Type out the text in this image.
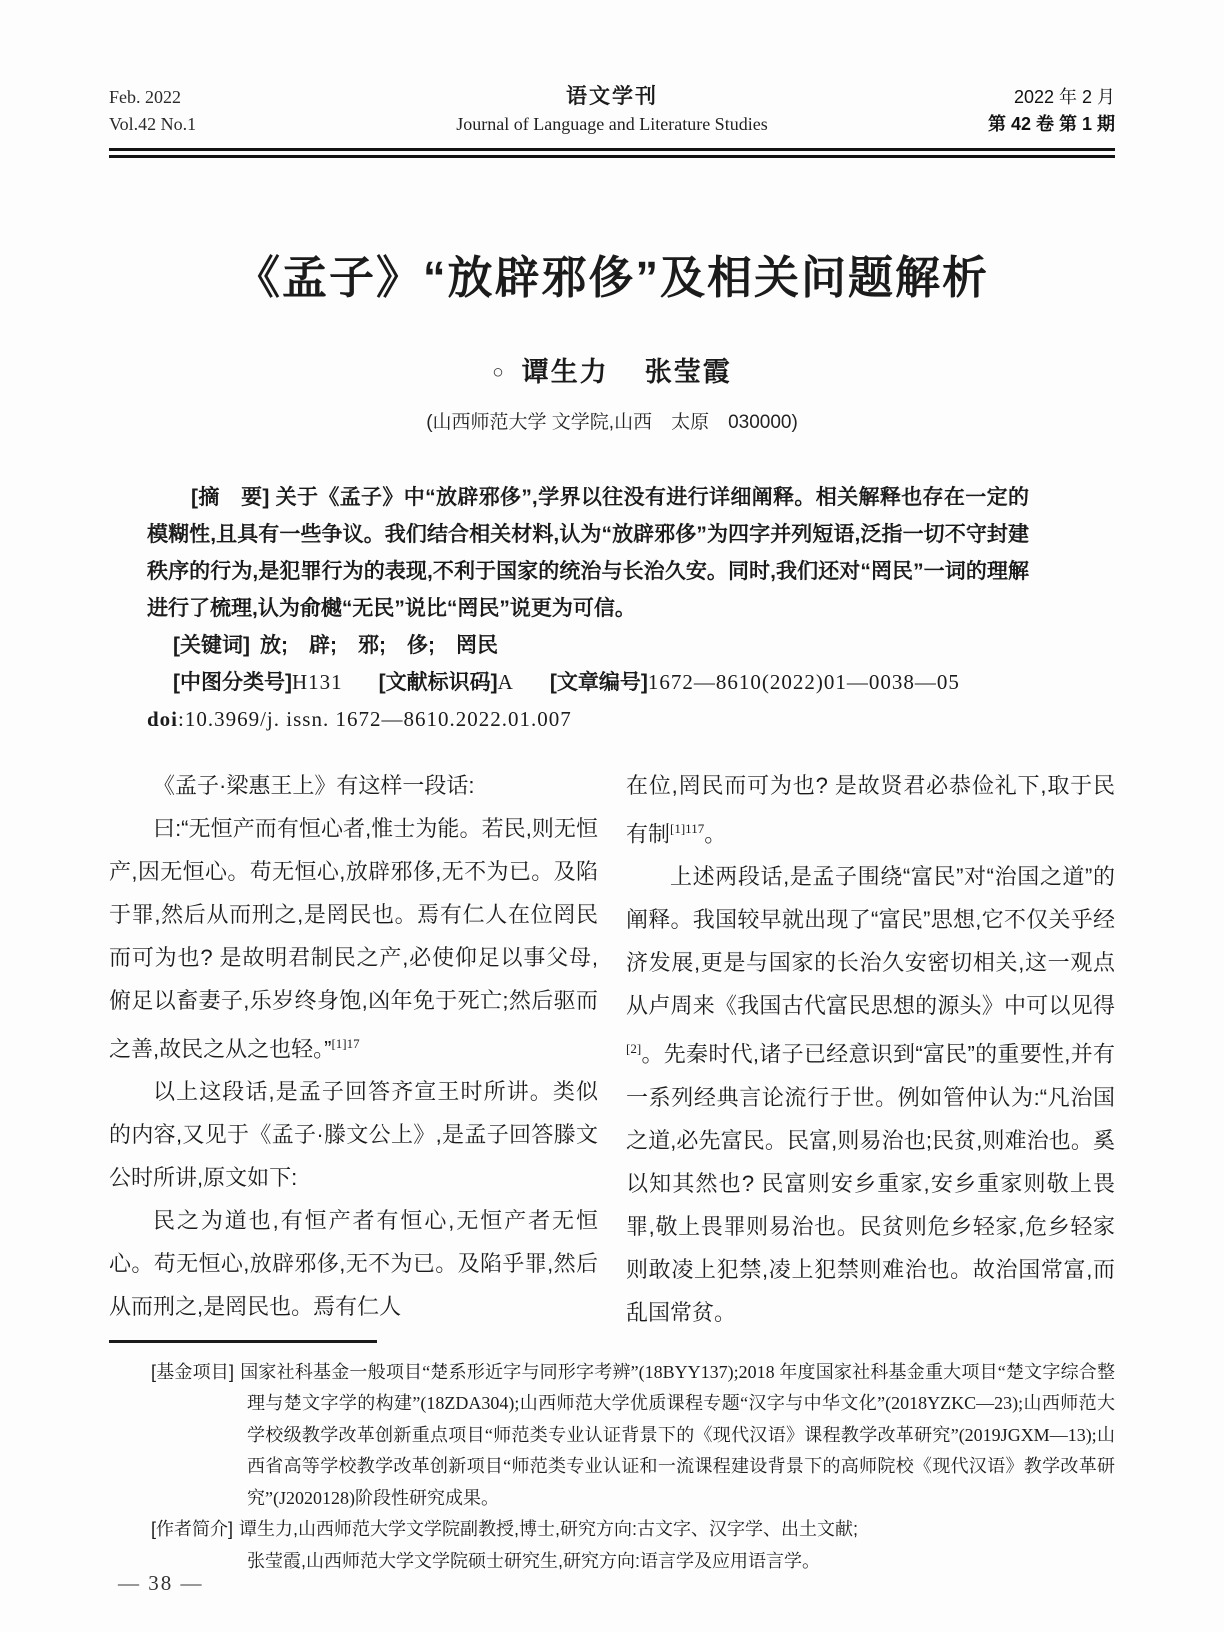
Feb. 2022
Vol.42 No.1
语文学刊
Journal of Language and Literature Studies
2022 年 2 月
第 42 卷 第 1 期
《孟子》“放辟邪侈”及相关问题解析
○ 谭生力 张莹霞
(山西师范大学 文学院,山西　太原　030000)

[摘　要] 关于《孟子》中“放辟邪侈”,学界以往没有进行详细阐释。相关解释也存在一定的模糊性,且具有一些争议。我们结合相关材料,认为“放辟邪侈”为四字并列短语,泛指一切不守封建秩序的行为,是犯罪行为的表现,不利于国家的统治与长治久安。同时,我们还对“罔民”一词的理解进行了梳理,认为俞樾“无民”说比“罔民”说更为可信。

[关键词] 放;　辟;　邪;　侈;　罔民

[中图分类号]H131 [文献标识码]A [文章编号]1672—8610(2022)01—0038—05

doi:10.3969/j. issn. 1672—8610.2022.01.007

《孟子·梁惠王上》有这样一段话:

曰:“无恒产而有恒心者,惟士为能。若民,则无恒产,因无恒心。苟无恒心,放辟邪侈,无不为已。及陷于罪,然后从而刑之,是罔民也。焉有仁人在位罔民而可为也? 是故明君制民之产,必使仰足以事父母,俯足以畜妻子,乐岁终身饱,凶年免于死亡;然后驱而之善,故民之从之也轻。”$^{[1]17}$

以上这段话,是孟子回答齐宣王时所讲。类似的内容,又见于《孟子·滕文公上》,是孟子回答滕文公时所讲,原文如下:

民之为道也,有恒产者有恒心,无恒产者无恒心。苟无恒心,放辟邪侈,无不为已。及陷乎罪,然后从而刑之,是罔民也。焉有仁人

在位,罔民而可为也? 是故贤君必恭俭礼下,取于民有制$^{[1]117}$。

上述两段话,是孟子围绕“富民”对“治国之道”的阐释。我国较早就出现了“富民”思想,它不仅关乎经济发展,更是与国家的长治久安密切相关,这一观点从卢周来《我国古代富民思想的源头》中可以见得[2]。先秦时代,诸子已经意识到“富民”的重要性,并有一系列经典言论流行于世。例如管仲认为:“凡治国之道,必先富民。民富,则易治也;民贫,则难治也。奚以知其然也? 民富则安乡重家,安乡重家则敬上畏罪,敬上畏罪则易治也。民贫则危乡轻家,危乡轻家则敢凌上犯禁,凌上犯禁则难治也。故治国常富,而乱国常贫。

[基金项目] 国家社科基金一般项目“楚系形近字与同形字考辨”(18BYY137);2018 年度国家社科基金重大项目“楚文字综合整理与楚文字学的构建”(18ZDA304);山西师范大学优质课程专题“汉字与中华文化”(2018YZKC—23);山西师范大学校级教学改革创新重点项目“师范类专业认证背景下的《现代汉语》课程教学改革研究”(2019JGXM—13);山西省高等学校教学改革创新项目“师范类专业认证和一流课程建设背景下的高师院校《现代汉语》教学改革研究”(J2020128)阶段性研究成果。

[作者简介] 谭生力,山西师范大学文学院副教授,博士,研究方向:古文字、汉字学、出土文献;
张莹霞,山西师范大学文学院硕士研究生,研究方向:语言学及应用语言学。

— 38 —
